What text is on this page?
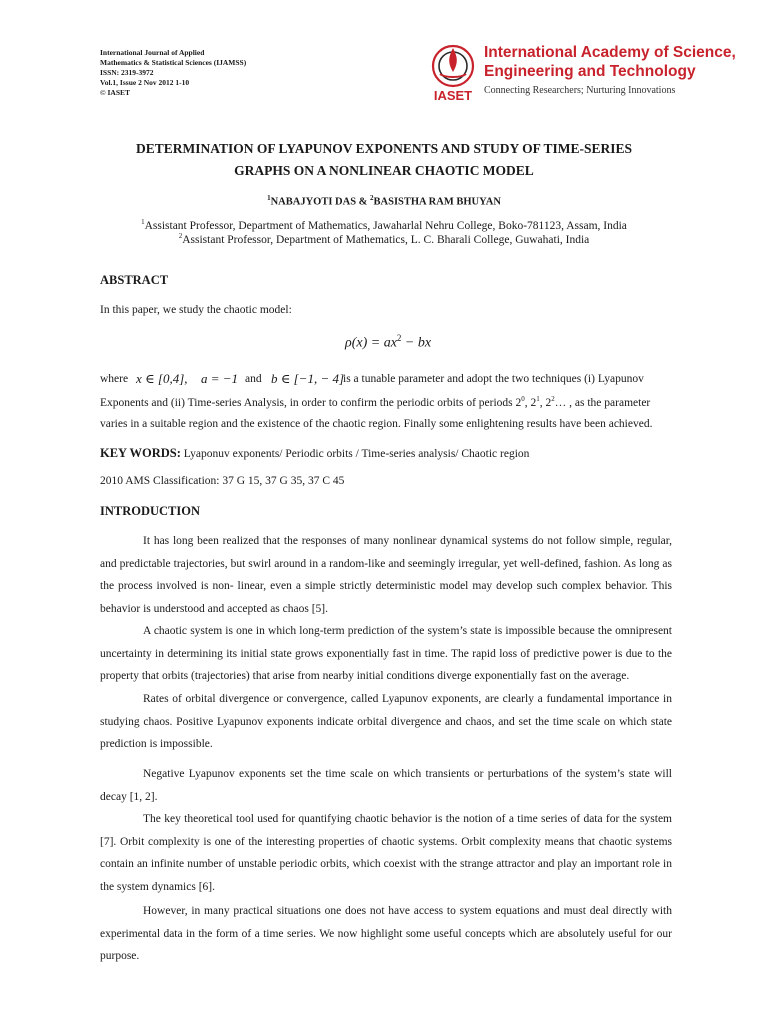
International Journal of Applied
Mathematics & Statistical Sciences (IJAMSS)
ISSN: 2319-3972
Vol.1, Issue 2 Nov 2012 1-10
© IASET	IASET
International Academy of Science,
Engineering and Technology
Connecting Researchers; Nurturing Innovations
DETERMINATION OF LYAPUNOV EXPONENTS AND STUDY OF TIME-SERIES
GRAPHS ON A NONLINEAR CHAOTIC MODEL
$^1$NABAJYOTI DAS & $^2$BASISTHA RAM BHUYAN
$^1$Assistant Professor, Department of Mathematics, Jawaharlal Nehru College, Boko-781123, Assam, India
$^2$Assistant Professor, Department of Mathematics, L. C. Bharali College, Guwahati, India
ABSTRACT
In this paper, we study the chaotic model:
$\rho(x) = ax^2$ − bx
where x ∈ [0,4], a = −1 and b ∈ [−1, − 4]
is a tunable parameter and adopt the two techniques (i) Lyapunov
Exponents and (ii) Time-series Analysis, in order to confirm the periodic orbits of periods $2^0$, $2^1$, $2^2\dots$ , as the parameter
varies in a suitable region and the existence of the chaotic region. Finally some enlightening results have been achieved.
KEY WORDS: Lyaponuv exponents/ Periodic orbits / Time-series analysis/ Chaotic region
2010 AMS Classification: 37 G 15, 37 G 35, 37 C 45
INTRODUCTION
It has long been realized that the responses of many nonlinear dynamical systems do not follow simple, regular, and predictable trajectories, but swirl around in a random-like and seemingly irregular, yet well-defined, fashion. As long as the process involved is non- linear, even a simple strictly deterministic model may develop such complex behavior. This behavior is understood and accepted as chaos [5].
A chaotic system is one in which long-term prediction of the system’s state is impossible because the omnipresent uncertainty in determining its initial state grows exponentially fast in time. The rapid loss of predictive power is due to the property that orbits (trajectories) that arise from nearby initial conditions diverge exponentially fast on the average.
Rates of orbital divergence or convergence, called Lyapunov exponents, are clearly a fundamental importance in studying chaos. Positive Lyapunov exponents indicate orbital divergence and chaos, and set the time scale on which state prediction is impossible.
Negative Lyapunov exponents set the time scale on which transients or perturbations of the system’s state will decay [1, 2].
The key theoretical tool used for quantifying chaotic behavior is the notion of a time series of data for the system [7]. Orbit complexity is one of the interesting properties of chaotic systems. Orbit complexity means that chaotic systems contain an infinite number of unstable periodic orbits, which coexist with the strange attractor and play an important role in the system dynamics [6].
However, in many practical situations one does not have access to system equations and must deal directly with experimental data in the form of a time series. We now highlight some useful concepts which are absolutely useful for our purpose.
